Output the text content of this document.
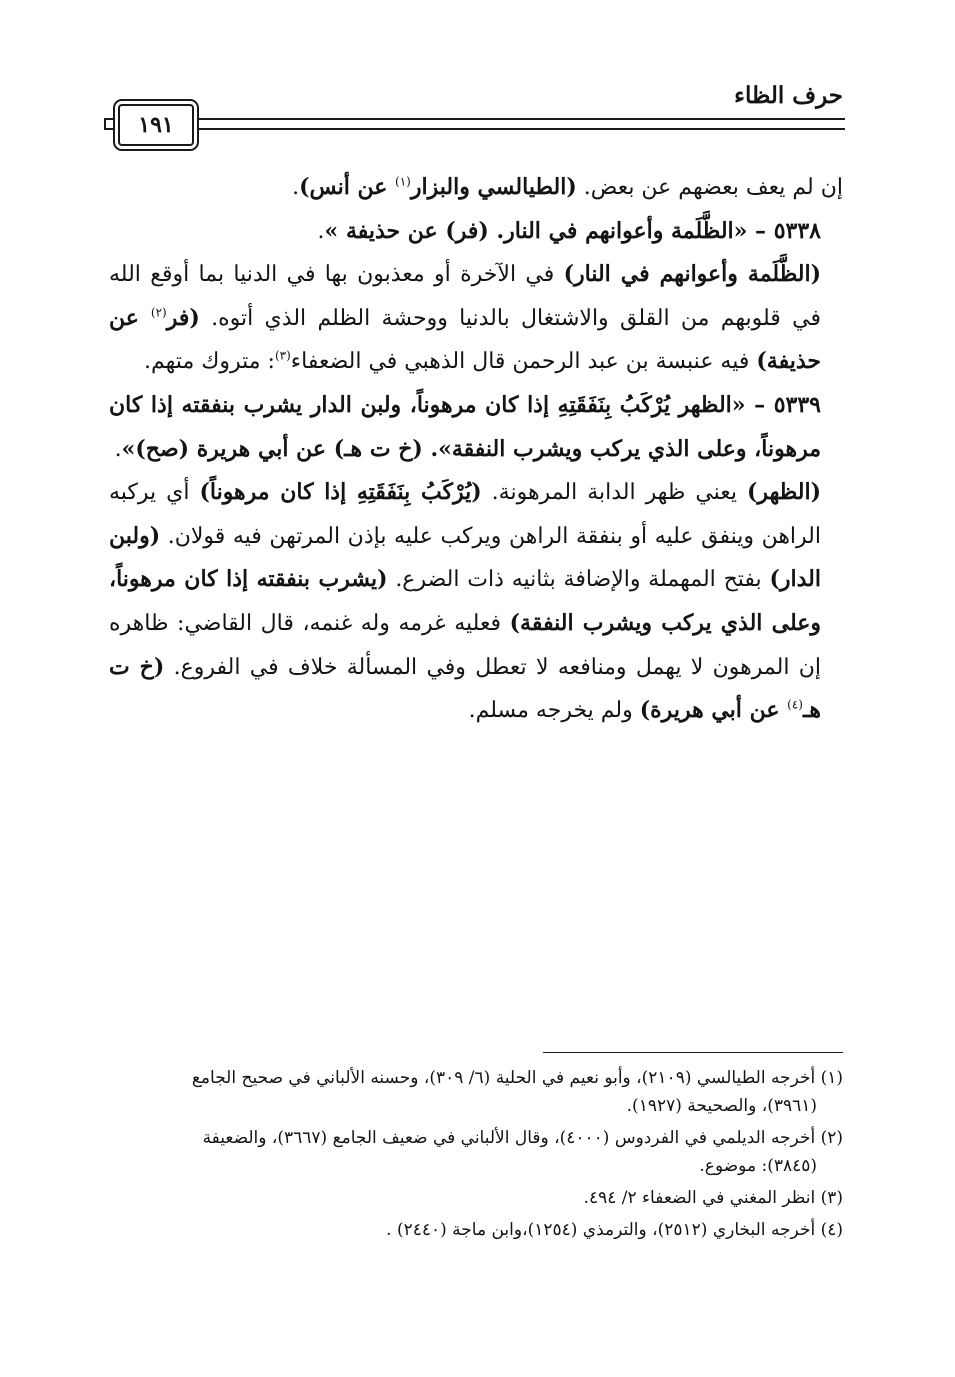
حرف الظاء
١٩١

إن لم يعف بعضهم عن بعض. (الطيالسي والبزار$^{(١)}$ عن أنس).

٥٣٣٨ – «الظَّلَمة وأعوانهم في النار. (فر) عن حذيفة ».

(الظَّلَمة وأعوانهم في النار) في الآخرة أو معذبون بها في الدنيا بما أوقع الله في قلوبهم من القلق والاشتغال بالدنيا ووحشة الظلم الذي أتوه. (فر$^{(٢)}$ عن حذيفة) فيه عنبسة بن عبد الرحمن قال الذهبي في الضعفاء$^{(٣)}$: متروك متهم.

٥٣٣٩ – «الظهر يُرْكَبُ بِنَفَقَتِهِ إذا كان مرهوناً، ولبن الدار يشرب بنفقته إذا كان مرهوناً، وعلى الذي يركب ويشرب النفقة». (خ ت هـ) عن أبي هريرة (صح)».

(الظهر) يعني ظهر الدابة المرهونة. (يُرْكَبُ بِنَفَقَتِهِ إذا كان مرهوناً) أي يركبه الراهن وينفق عليه أو بنفقة الراهن ويركب عليه بإذن المرتهن فيه قولان. (ولبن الدار) بفتح المهملة والإضافة بثانيه ذات الضرع. (يشرب بنفقته إذا كان مرهوناً، وعلى الذي يركب ويشرب النفقة) فعليه غرمه وله غنمه، قال القاضي: ظاهره إن المرهون لا يهمل ومنافعه لا تعطل وفي المسألة خلاف في الفروع. (خ ت هـ$^{(٤)}$ عن أبي هريرة) ولم يخرجه مسلم.

(١) أخرجه الطيالسي (٢١٠٩)، وأبو نعيم في الحلية (٦/ ٣٠٩)، وحسنه الألباني في صحيح الجامع
(٣٩٦١)، والصحيحة (١٩٢٧).

(٢) أخرجه الديلمي في الفردوس (٤٠٠٠)، وقال الألباني في ضعيف الجامع (٣٦٦٧)، والضعيفة
(٣٨٤٥): موضوع.

(٣) انظر المغني في الضعفاء ٢/ ٤٩٤.

(٤) أخرجه البخاري (٢٥١٢)، والترمذي (١٢٥٤)،وابن ماجة (٢٤٤٠) .
